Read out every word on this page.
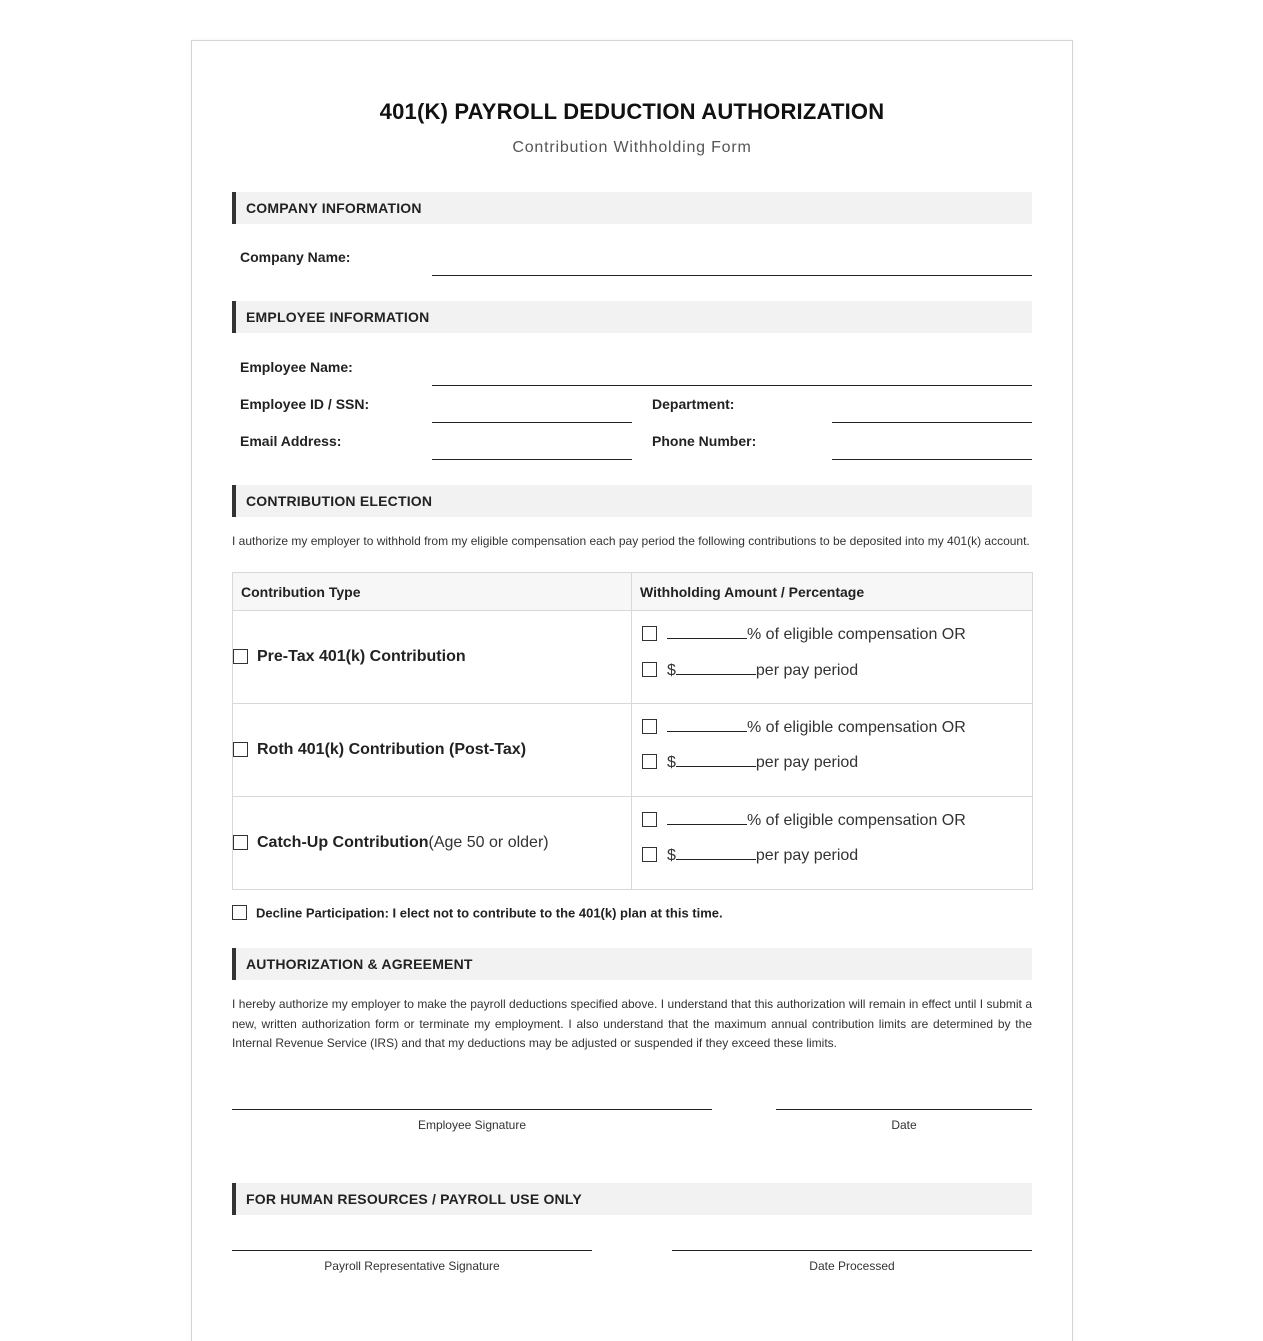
401(K) PAYROLL DEDUCTION AUTHORIZATION
Contribution Withholding Form
COMPANY INFORMATION
Company Name:
EMPLOYEE INFORMATION
Employee Name:
Employee ID / SSN:	Department:
Email Address:	Phone Number:
CONTRIBUTION ELECTION
I authorize my employer to withhold from my eligible compensation each pay period the following contributions to be deposited into my 401(k) account.
Contribution Type	Withholding Amount / Percentage
Pre-Tax 401(k) Contribution	% of eligible compensation OR
$ per pay period

Roth 401(k) Contribution (Post-Tax)	% of eligible compensation OR
$ per pay period

Catch-Up Contribution(Age 50 or older)	% of eligible compensation OR
$ per pay period
Decline Participation: I elect not to contribute to the 401(k) plan at this time.
AUTHORIZATION & AGREEMENT
I hereby authorize my employer to make the payroll deductions specified above. I understand that this authorization will remain in effect until I submit a new, written authorization form or terminate my employment. I also understand that the maximum annual contribution limits are determined by the Internal Revenue Service (IRS) and that my deductions may be adjusted or suspended if they exceed these limits.
Employee Signature	Date
FOR HUMAN RESOURCES / PAYROLL USE ONLY
Payroll Representative Signature	Date Processed
